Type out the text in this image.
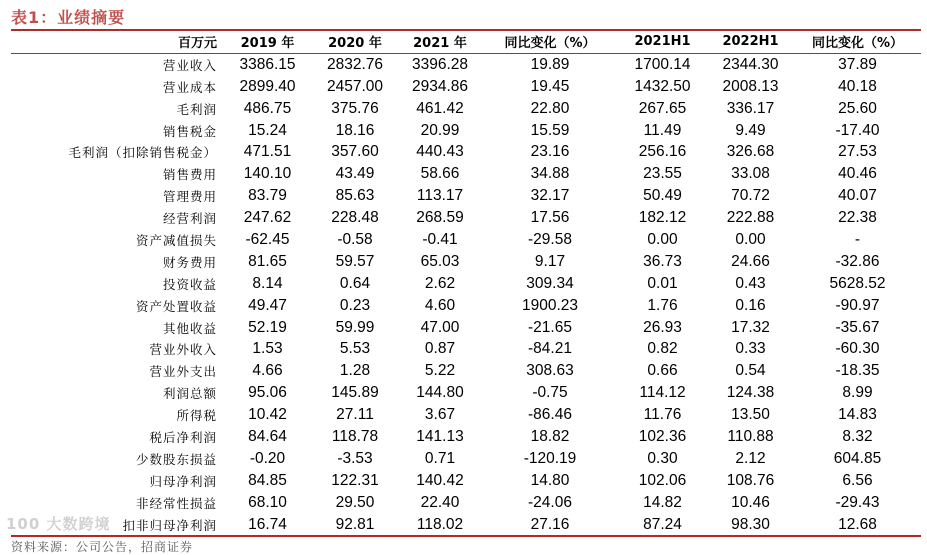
表1：业绩摘要
百万元	2019 年	2020 年	2021 年	同比变化（%）	2021H1	2022H1	同比变化（%）
营业收入	3386.15	2832.76	3396.28	19.89	1700.14	2344.30	37.89
营业成本	2899.40	2457.00	2934.86	19.45	1432.50	2008.13	40.18
毛利润	486.75	375.76	461.42	22.80	267.65	336.17	25.60
销售税金	15.24	18.16	20.99	15.59	11.49	9.49	-17.40
毛利润（扣除销售税金）	471.51	357.60	440.43	23.16	256.16	326.68	27.53
销售费用	140.10	43.49	58.66	34.88	23.55	33.08	40.46
管理费用	83.79	85.63	113.17	32.17	50.49	70.72	40.07
经营利润	247.62	228.48	268.59	17.56	182.12	222.88	22.38
资产减值损失	-62.45	-0.58	-0.41	-29.58	0.00	0.00	-
财务费用	81.65	59.57	65.03	9.17	36.73	24.66	-32.86
投资收益	8.14	0.64	2.62	309.34	0.01	0.43	5628.52
资产处置收益	49.47	0.23	4.60	1900.23	1.76	0.16	-90.97
其他收益	52.19	59.99	47.00	-21.65	26.93	17.32	-35.67
营业外收入	1.53	5.53	0.87	-84.21	0.82	0.33	-60.30
营业外支出	4.66	1.28	5.22	308.63	0.66	0.54	-18.35
利润总额	95.06	145.89	144.80	-0.75	114.12	124.38	8.99
所得税	10.42	27.11	3.67	-86.46	11.76	13.50	14.83
税后净利润	84.64	118.78	141.13	18.82	102.36	110.88	8.32
少数股东损益	-0.20	-3.53	0.71	-120.19	0.30	2.12	604.85
归母净利润	84.85	122.31	140.42	14.80	102.06	108.76	6.56
非经常性损益	68.10	29.50	22.40	-24.06	14.82	10.46	-29.43
扣非归母净利润	16.74	92.81	118.02	27.16	87.24	98.30	12.68
资料来源：公司公告，招商证券
100 大数跨境
